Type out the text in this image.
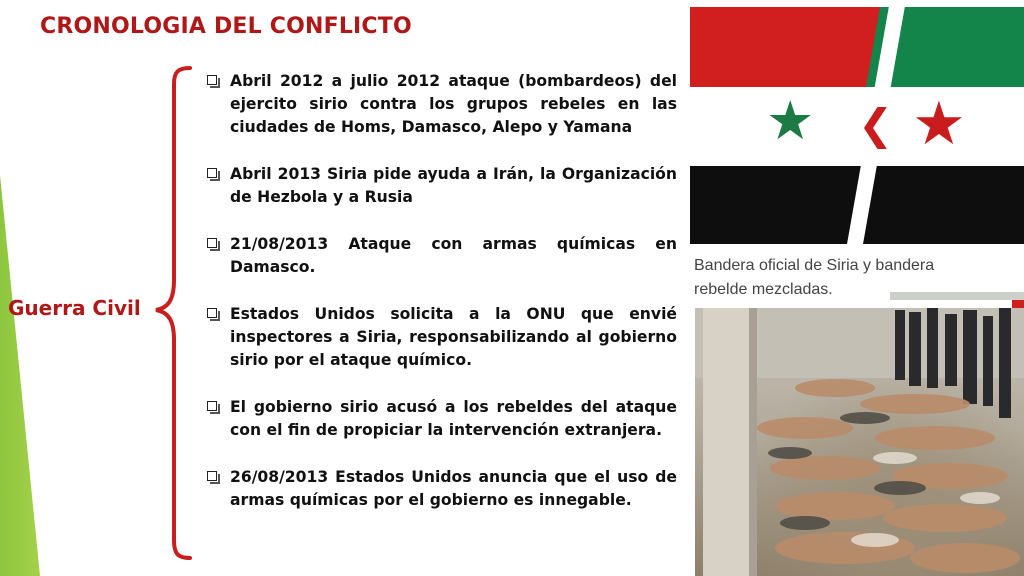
CRONOLOGIA DEL CONFLICTO
Guerra Civil
Abril 2012 a julio 2012 ataque (bombardeos) del ejercito sirio contra los grupos rebeles en las ciudades de Homs, Damasco, Alepo y Yamana
Abril 2013 Siria pide ayuda a Irán, la Organización de Hezbola y a Rusia
21/08/2013 Ataque con armas químicas en Damasco.
Estados Unidos solicita a la ONU que envié inspectores a Siria, responsabilizando al gobierno sirio por el ataque químico.
El gobierno sirio acusó a los rebeldes del ataque con el fin de propiciar la intervención extranjera.
26/08/2013 Estados Unidos anuncia que el uso de armas químicas por el gobierno es innegable.
★ ❮ ★
Bandera oficial de Siria y bandera
rebelde mezcladas.
